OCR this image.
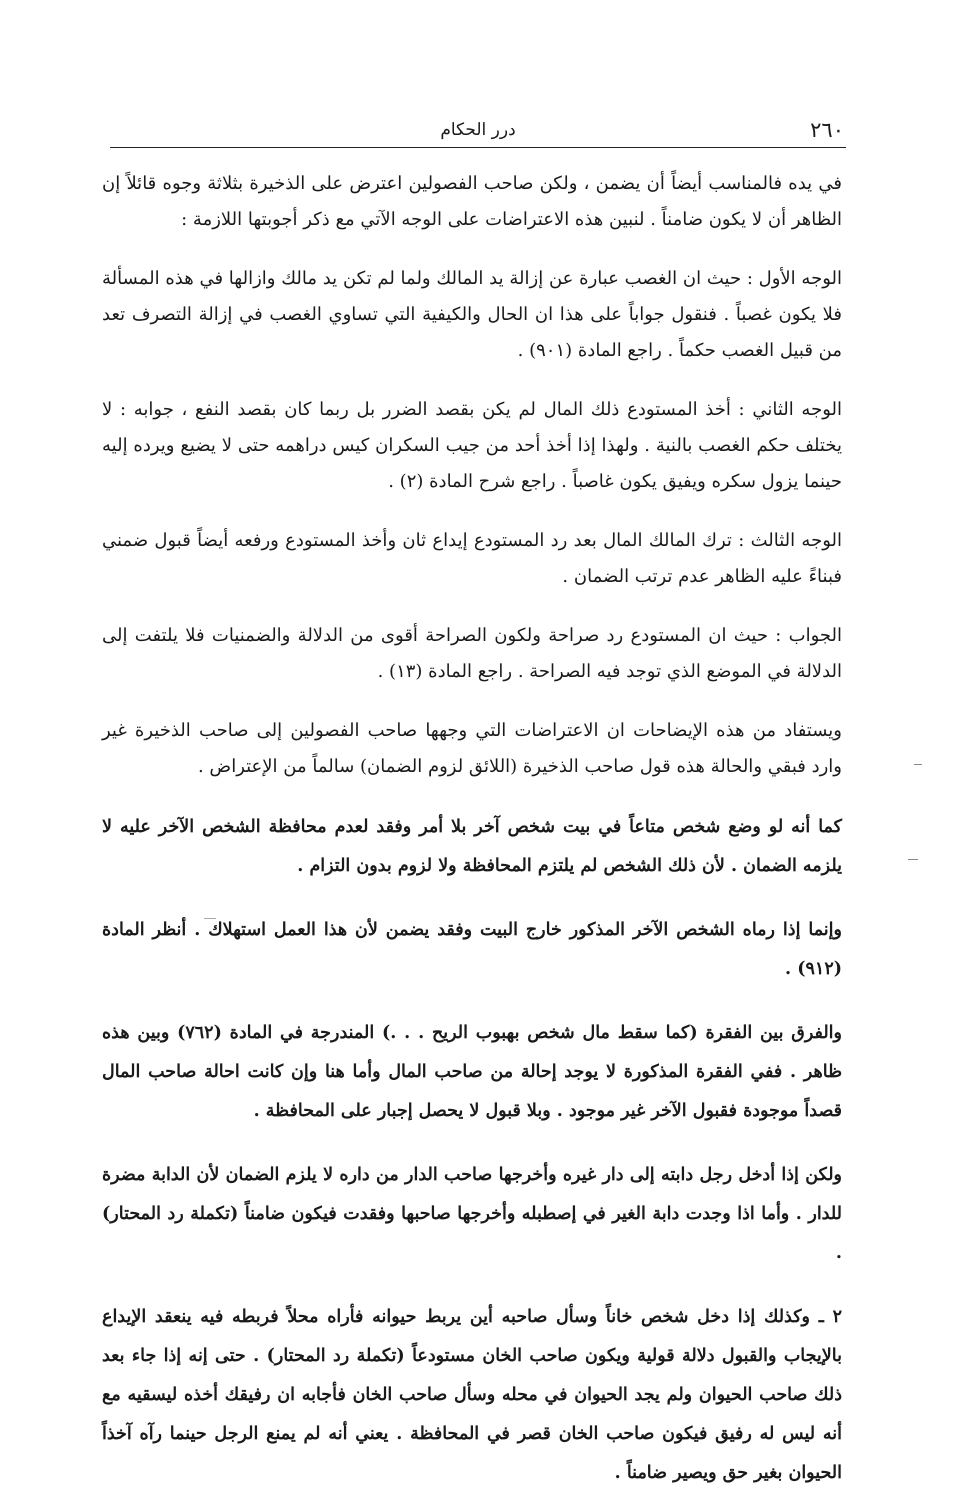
٢٦٠
درر الحكام

في يده فالمناسب أيضاً أن يضمن ، ولكن صاحب الفصولين اعترض على الذخيرة بثلاثة وجوه قائلاً إن الظاهر أن لا يكون ضامناً . لنبين هذه الاعتراضات على الوجه الآتي مع ذكر أجوبتها اللازمة :

الوجه الأول : حيث ان الغصب عبارة عن إزالة يد المالك ولما لم تكن يد مالك وازالها في هذه المسألة فلا يكون غصباً . فنقول جواباً على هذا ان الحال والكيفية التي تساوي الغصب في إزالة التصرف تعد من قبيل الغصب حكماً . راجع المادة (٩٠١) .

الوجه الثاني : أخذ المستودع ذلك المال لم يكن بقصد الضرر بل ربما كان بقصد النفع ، جوابه : لا يختلف حكم الغصب بالنية . ولهذا إذا أخذ أحد من جيب السكران كيس دراهمه حتى لا يضيع ويرده إليه حينما يزول سكره ويفيق يكون غاصباً . راجع شرح المادة (٢) .

الوجه الثالث : ترك المالك المال بعد رد المستودع إيداع ثان وأخذ المستودع ورفعه أيضاً قبول ضمني فبناءً عليه الظاهر عدم ترتب الضمان .

الجواب : حيث ان المستودع رد صراحة ولكون الصراحة أقوى من الدلالة والضمنيات فلا يلتفت إلى الدلالة في الموضع الذي توجد فيه الصراحة . راجع المادة (١٣) .

ويستفاد من هذه الإيضاحات ان الاعتراضات التي وجهها صاحب الفصولين إلى صاحب الذخيرة غير وارد فبقي والحالة هذه قول صاحب الذخيرة (اللائق لزوم الضمان) سالماً من الإعتراض .

كما أنه لو وضع شخص متاعاً في بيت شخص آخر بلا أمر وفقد لعدم محافظة الشخص الآخر عليه لا يلزمه الضمان . لأن ذلك الشخص لم يلتزم المحافظة ولا لزوم بدون التزام .

وإنما إذا رماه الشخص الآخر المذكور خارج البيت وفقد يضمن لأن هذا العمل استهلاك . أنظر المادة (٩١٢) .

والفرق بين الفقرة (كما سقط مال شخص بهبوب الريح . . .) المندرجة في المادة (٧٦٢) وبين هذه ظاهر . ففي الفقرة المذكورة لا يوجد إحالة من صاحب المال وأما هنا وإن كانت احالة صاحب المال قصداً موجودة فقبول الآخر غير موجود . وبلا قبول لا يحصل إجبار على المحافظة .

ولكن إذا أدخل رجل دابته إلى دار غيره وأخرجها صاحب الدار من داره لا يلزم الضمان لأن الدابة مضرة للدار . وأما اذا وجدت دابة الغير في إصطبله وأخرجها صاحبها وفقدت فيكون ضامناً (تكملة رد المحتار) .

٢ ـ وكذلك إذا دخل شخص خاناً وسأل صاحبه أين يربط حيوانه فأراه محلاً فربطه فيه ينعقد الإيداع بالإيجاب والقبول دلالة قولية ويكون صاحب الخان مستودعاً (تكملة رد المحتار) . حتى إنه إذا جاء بعد ذلك صاحب الحيوان ولم يجد الحيوان في محله وسأل صاحب الخان فأجابه ان رفيقك أخذه ليسقيه مع أنه ليس له رفيق فيكون صاحب الخان قصر في المحافظة . يعني أنه لم يمنع الرجل حينما رآه آخذاً الحيوان بغير حق ويصير ضامناً .
